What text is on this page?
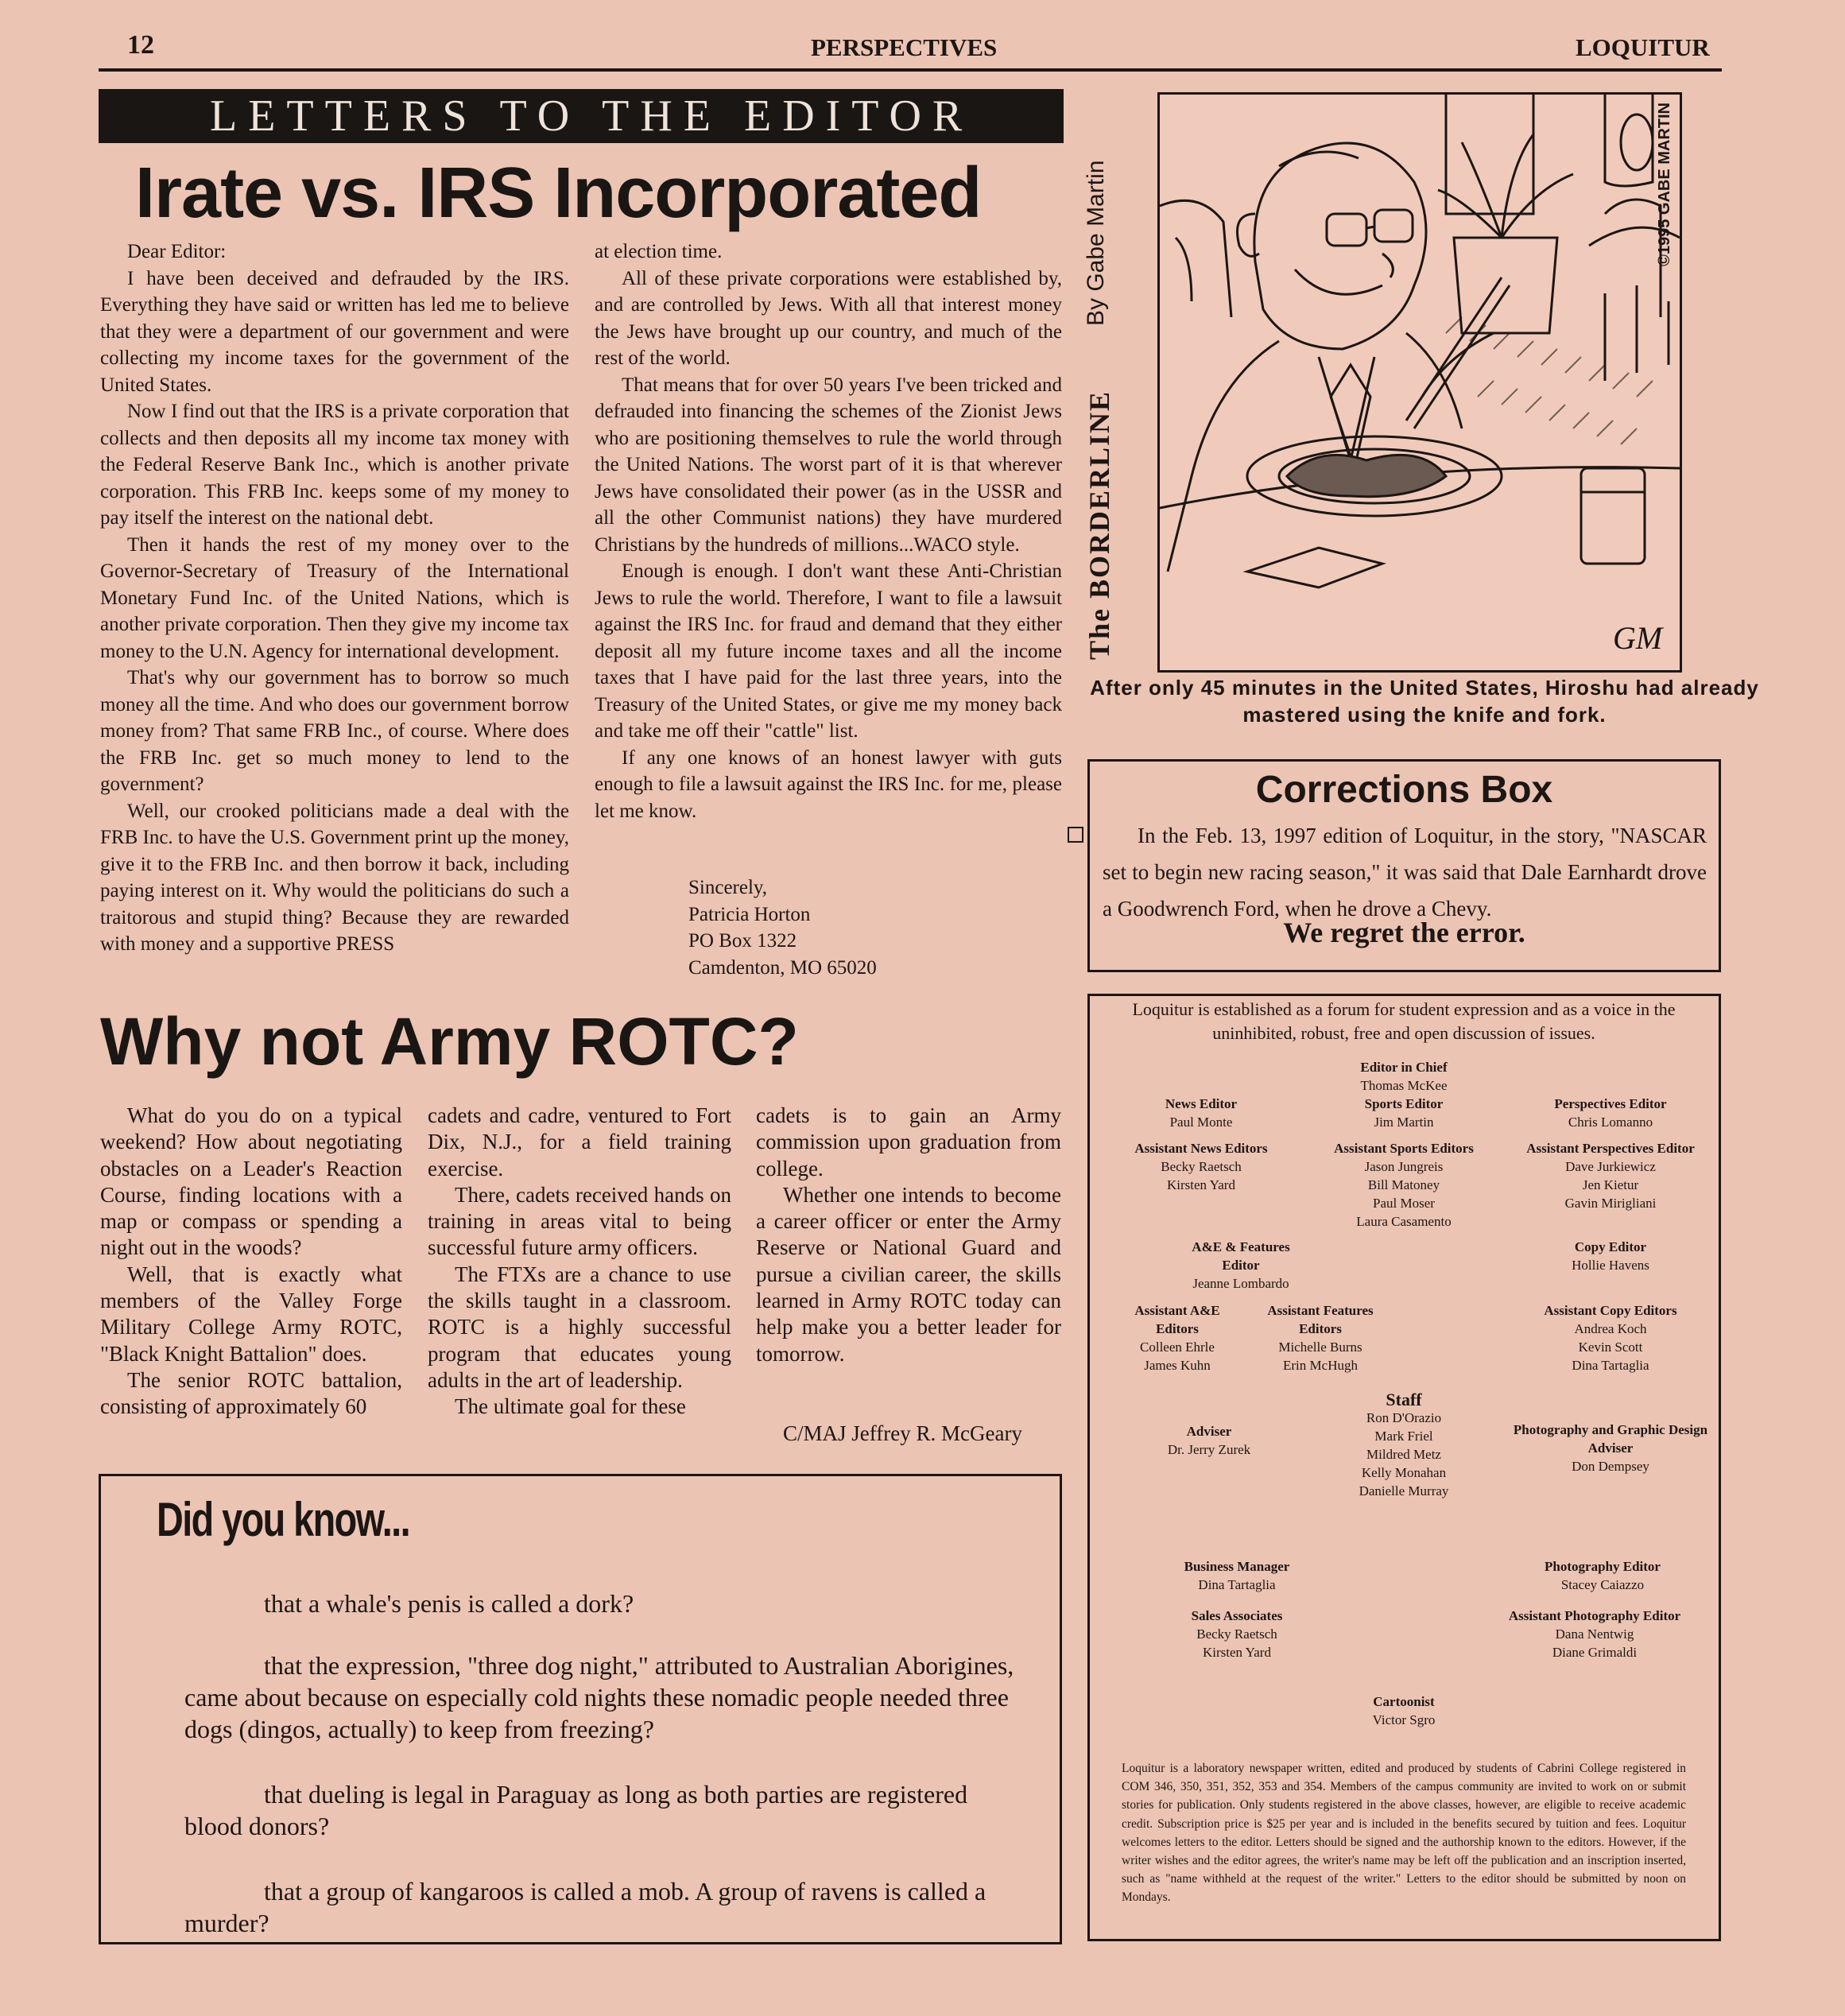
12	PERSPECTIVES	LOQUITUR
LETTERS TO THE EDITOR
Irate vs. IRS Incorporated

Dear Editor:

I have been deceived and defrauded by the IRS. Everything they have said or written has led me to believe that they were a department of our government and were collecting my income taxes for the government of the United States.

Now I find out that the IRS is a private corporation that collects and then deposits all my income tax money with the Federal Reserve Bank Inc., which is another private corporation. This FRB Inc. keeps some of my money to pay itself the interest on the national debt.

Then it hands the rest of my money over to the Governor-Secretary of Treasury of the International Monetary Fund Inc. of the United Nations, which is another private corporation. Then they give my income tax money to the U.N. Agency for international development.

That's why our government has to borrow so much money all the time. And who does our government borrow money from? That same FRB Inc., of course. Where does the FRB Inc. get so much money to lend to the government?

Well, our crooked politicians made a deal with the FRB Inc. to have the U.S. Government print up the money, give it to the FRB Inc. and then borrow it back, including paying interest on it. Why would the politicians do such a traitorous and stupid thing? Because they are rewarded with money and a supportive PRESS

at election time.

All of these private corporations were established by, and are controlled by Jews. With all that interest money the Jews have brought up our country, and much of the rest of the world.

That means that for over 50 years I've been tricked and defrauded into financing the schemes of the Zionist Jews who are positioning themselves to rule the world through the United Nations. The worst part of it is that wherever Jews have consolidated their power (as in the USSR and all the other Communist nations) they have murdered Christians by the hundreds of millions...WACO style.

Enough is enough. I don't want these Anti-Christian Jews to rule the world. Therefore, I want to file a lawsuit against the IRS Inc. for fraud and demand that they either deposit all my future income taxes and all the income taxes that I have paid for the last three years, into the Treasury of the United States, or give me my money back and take me off their "cattle" list.

If any one knows of an honest lawyer with guts enough to file a lawsuit against the IRS Inc. for me, please let me know.

Sincerely,
Patricia Horton
PO Box 1322
Camdenton, MO 65020
Why not Army ROTC?

What do you do on a typical weekend? How about negotiating obstacles on a Leader's Reaction Course, finding locations with a map or compass or spending a night out in the woods?

Well, that is exactly what members of the Valley Forge Military College Army ROTC, "Black Knight Battalion" does.

The senior ROTC battalion, consisting of approximately 60

cadets and cadre, ventured to Fort Dix, N.J., for a field training exercise.

There, cadets received hands on training in areas vital to being successful future army officers.

The FTXs are a chance to use the skills taught in a classroom. ROTC is a highly successful program that educates young adults in the art of leadership.

The ultimate goal for these

cadets is to gain an Army commission upon graduation from college.

Whether one intends to become a career officer or enter the Army Reserve or National Guard and pursue a civilian career, the skills learned in Army ROTC today can help make you a better leader for tomorrow.

C/MAJ Jeffrey R. McGeary
Did you know...
that a whale's penis is called a dork?
that the expression, "three dog night," attributed to Australian Aborigines, came about because on especially cold nights these nomadic people needed three dogs (dingos, actually) to keep from freezing?
that dueling is legal in Paraguay as long as both parties are registered blood donors?
that a group of kangaroos is called a mob. A group of ravens is called a murder?
By Gabe Martin
The BORDERLINE
©1995 GABE MARTIN
GM
After only 45 minutes in the United States, Hiroshu had already mastered using the knife and fork.
Corrections Box
In the Feb. 13, 1997 edition of Loquitur, in the story, "NASCAR set to begin new racing season," it was said that Dale Earnhardt drove a Goodwrench Ford, when he drove a Chevy.
We regret the error.
Loquitur is established as a forum for student expression and as a voice in the uninhibited, robust, free and open discussion of issues.
Editor in Chief
Thomas McKee
News Editor
Paul Monte
Sports Editor
Jim Martin
Perspectives Editor
Chris Lomanno
Assistant News Editors
Becky Raetsch
Kirsten Yard
Assistant Sports Editors
Jason Jungreis
Bill Matoney
Paul Moser
Laura Casamento
Assistant Perspectives Editor
Dave Jurkiewicz
Jen Kietur
Gavin Mirigliani
A&E & Features Editor
Jeanne Lombardo
Copy Editor
Hollie Havens
Assistant A&E Editors
Colleen Ehrle
James Kuhn
Assistant Features Editors
Michelle Burns
Erin McHugh
Assistant Copy Editors
Andrea Koch
Kevin Scott
Dina Tartaglia
Staff
Ron D'Orazio
Mark Friel
Mildred Metz
Kelly Monahan
Danielle Murray
Adviser
Dr. Jerry Zurek
Photography and Graphic Design Adviser
Don Dempsey
Business Manager
Dina Tartaglia
Photography Editor
Stacey Caiazzo
Sales Associates
Becky Raetsch
Kirsten Yard
Assistant Photography Editor
Dana Nentwig
Diane Grimaldi
Cartoonist
Victor Sgro
Loquitur is a laboratory newspaper written, edited and produced by students of Cabrini College registered in COM 346, 350, 351, 352, 353 and 354. Members of the campus community are invited to work on or submit stories for publication. Only students registered in the above classes, however, are eligible to receive academic credit. Subscription price is $25 per year and is included in the benefits secured by tuition and fees. Loquitur welcomes letters to the editor. Letters should be signed and the authorship known to the editors. However, if the writer wishes and the editor agrees, the writer's name may be left off the publication and an inscription inserted, such as "name withheld at the request of the writer." Letters to the editor should be submitted by noon on Mondays.
